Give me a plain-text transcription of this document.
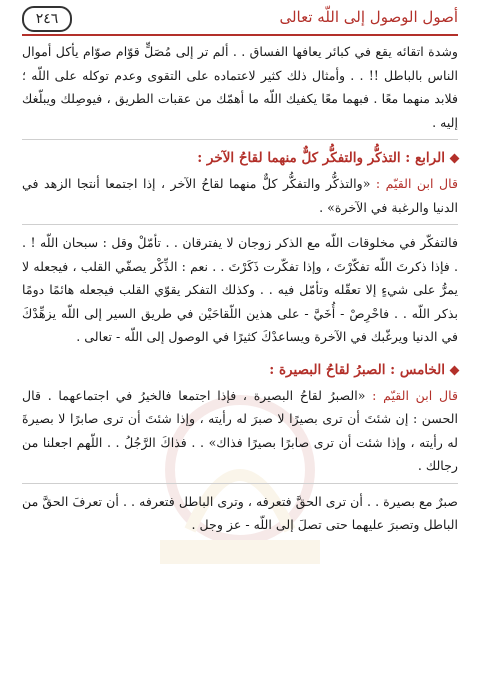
أصول الوصول إلى اللّه تعالى
٢٤٦

وشدة اتقائه يقع في كبائر يعافها الفساق . . ألم تر إلى مُصَلٍّ قوّام صوّام يأكل أموال الناس بالباطل !! . . وأمثال ذلك كثير لاعتماده على التقوى وعدم توكله على اللّه ؛ فلابد منهما معًا . فبهما معًا يكفيك اللّه ما أهمّك من عقبات الطريق ، فيوصِلك ويبلّغك إليه .

الرابع : التذكُّر والتفكُّر كلٌّ منهما لقاحُ الآخر :

قال ابن القيّم : «والتذكُّر والتفكُّر كلٌّ منهما لقاحُ الآخر ، إذا اجتمعا أنتجا الزهد في الدنيا والرغبة في الآخرة» .

فالتفكّر في مخلوقات اللّه مع الذكر زوجان لا يفترقان . . تأمّلْ وقل : سبحان اللّه ! . . فإذا ذكرتَ اللّه تفكّرْتَ ، وإذا تفكّرت ذَكَرْتَ . . نعم : الذِّكْر يصفّي القلب ، فيجعله لا يمرُّ على شيءٍ إلا تعقّله وتأمّل فيه . . وكذلك التفكر يقوّي القلب فيجعله هائمًا دومًا بذكر اللّه . . فاحْرِصْ - أُخَيَّ - على هذين اللّقاحَيْن في طريق السير إلى اللّه يزهِّدْكَ في الدنيا ويرغّبك في الآخرة ويساعدْكَ كثيرًا في الوصول إلى اللّه - تعالى .

الخامس : الصبرُ لقاحُ البصيرة :

قال ابن القيّم : «الصبرُ لقاحُ البصيرة ، فإذا اجتمعا فالخيرُ في اجتماعهما . قال الحسن : إن شئتَ أن ترى بصيرًا لا صبرَ له رأيته ، وإذا شئتَ أن ترى صابرًا لا بصيرةَ له رأيته ، وإذا شئت أن ترى صابرًا بصيرًا فذاك» . . فذاكَ الرَّجُلُ . . اللّهم اجعلنا من رجالك .

صبرٌ مع بصيرة . . أن ترى الحقَّ فتعرفه ، وترى الباطل فتعرفه . . أن تعرفَ الحقَّ من الباطل وتصبرَ عليهما حتى تصلَ إلى اللّه - عز وجل .
